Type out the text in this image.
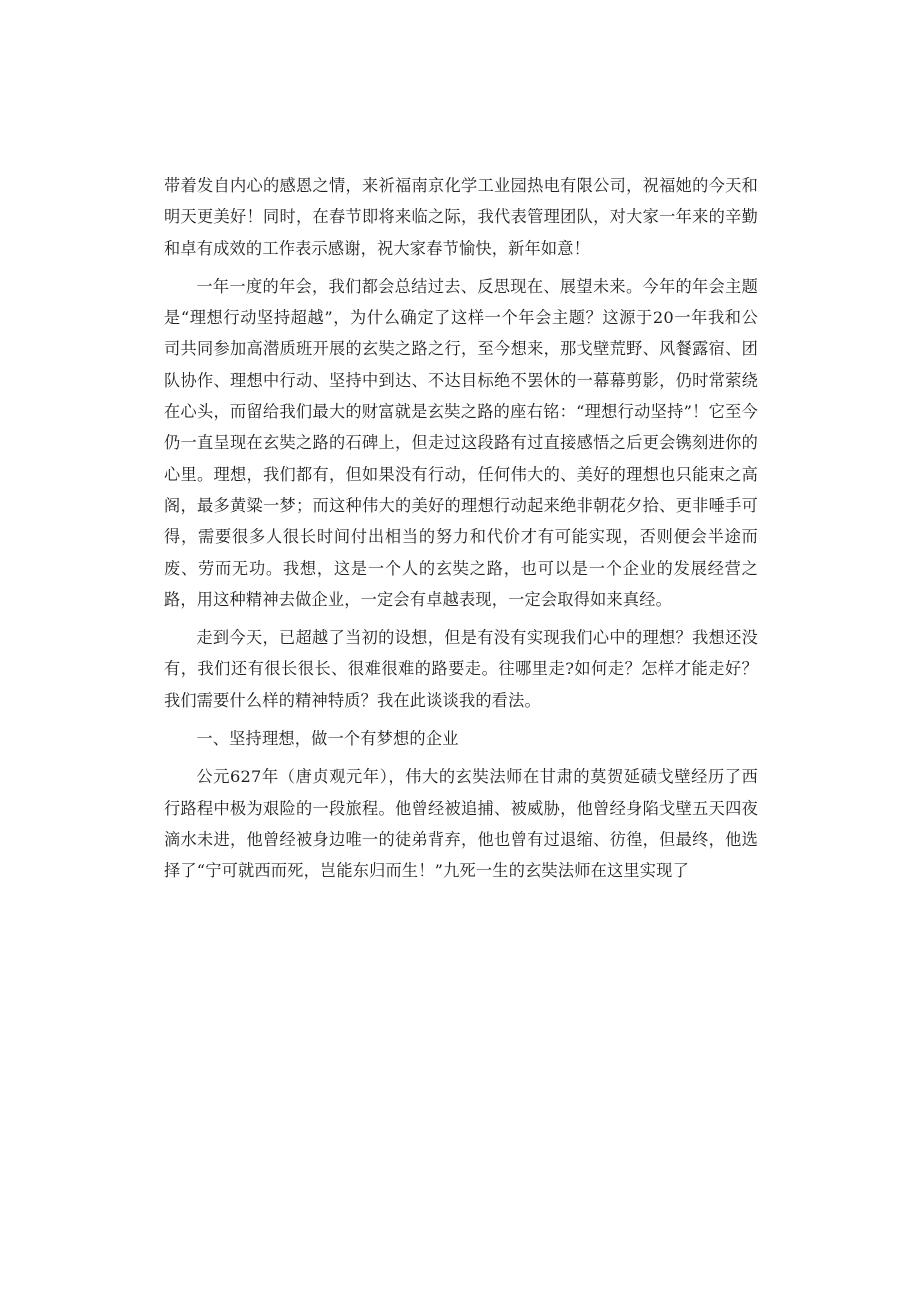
带着发自内心的感恩之情，来祈福南京化学工业园热电有限公司，祝福她的今天和明天更美好！同时，在春节即将来临之际，我代表管理团队，对大家一年来的辛勤和卓有成效的工作表示感谢，祝大家春节愉快，新年如意！

一年一度的年会，我们都会总结过去、反思现在、展望未来。今年的年会主题是“理想行动坚持超越”，为什么确定了这样一个年会主题？这源于20一年我和公司共同参加高潜质班开展的玄奘之路之行，至今想来，那戈壁荒野、风餐露宿、团队协作、理想中行动、坚持中到达、不达目标绝不罢休的一幕幕剪影，仍时常萦绕在心头，而留给我们最大的财富就是玄奘之路的座右铭：“理想行动坚持”！它至今仍一直呈现在玄奘之路的石碑上，但走过这段路有过直接感悟之后更会镌刻进你的心里。理想，我们都有，但如果没有行动，任何伟大的、美好的理想也只能束之高阁，最多黄粱一梦；而这种伟大的美好的理想行动起来绝非朝花夕拾、更非唾手可得，需要很多人很长时间付出相当的努力和代价才有可能实现，否则便会半途而废、劳而无功。我想，这是一个人的玄奘之路，也可以是一个企业的发展经营之路，用这种精神去做企业，一定会有卓越表现，一定会取得如来真经。

走到今天，已超越了当初的设想，但是有没有实现我们心中的理想？我想还没有，我们还有很长很长、很难很难的路要走。往哪里走?如何走？怎样才能走好？我们需要什么样的精神特质？我在此谈谈我的看法。

一、坚持理想，做一个有梦想的企业

公元627年（唐贞观元年），伟大的玄奘法师在甘肃的莫贺延碛戈壁经历了西行路程中极为艰险的一段旅程。他曾经被追捕、被威胁，他曾经身陷戈壁五天四夜滴水未进，他曾经被身边唯一的徒弟背弃，他也曾有过退缩、彷徨，但最终，他选择了“宁可就西而死，岂能东归而生！”九死一生的玄奘法师在这里实现了
